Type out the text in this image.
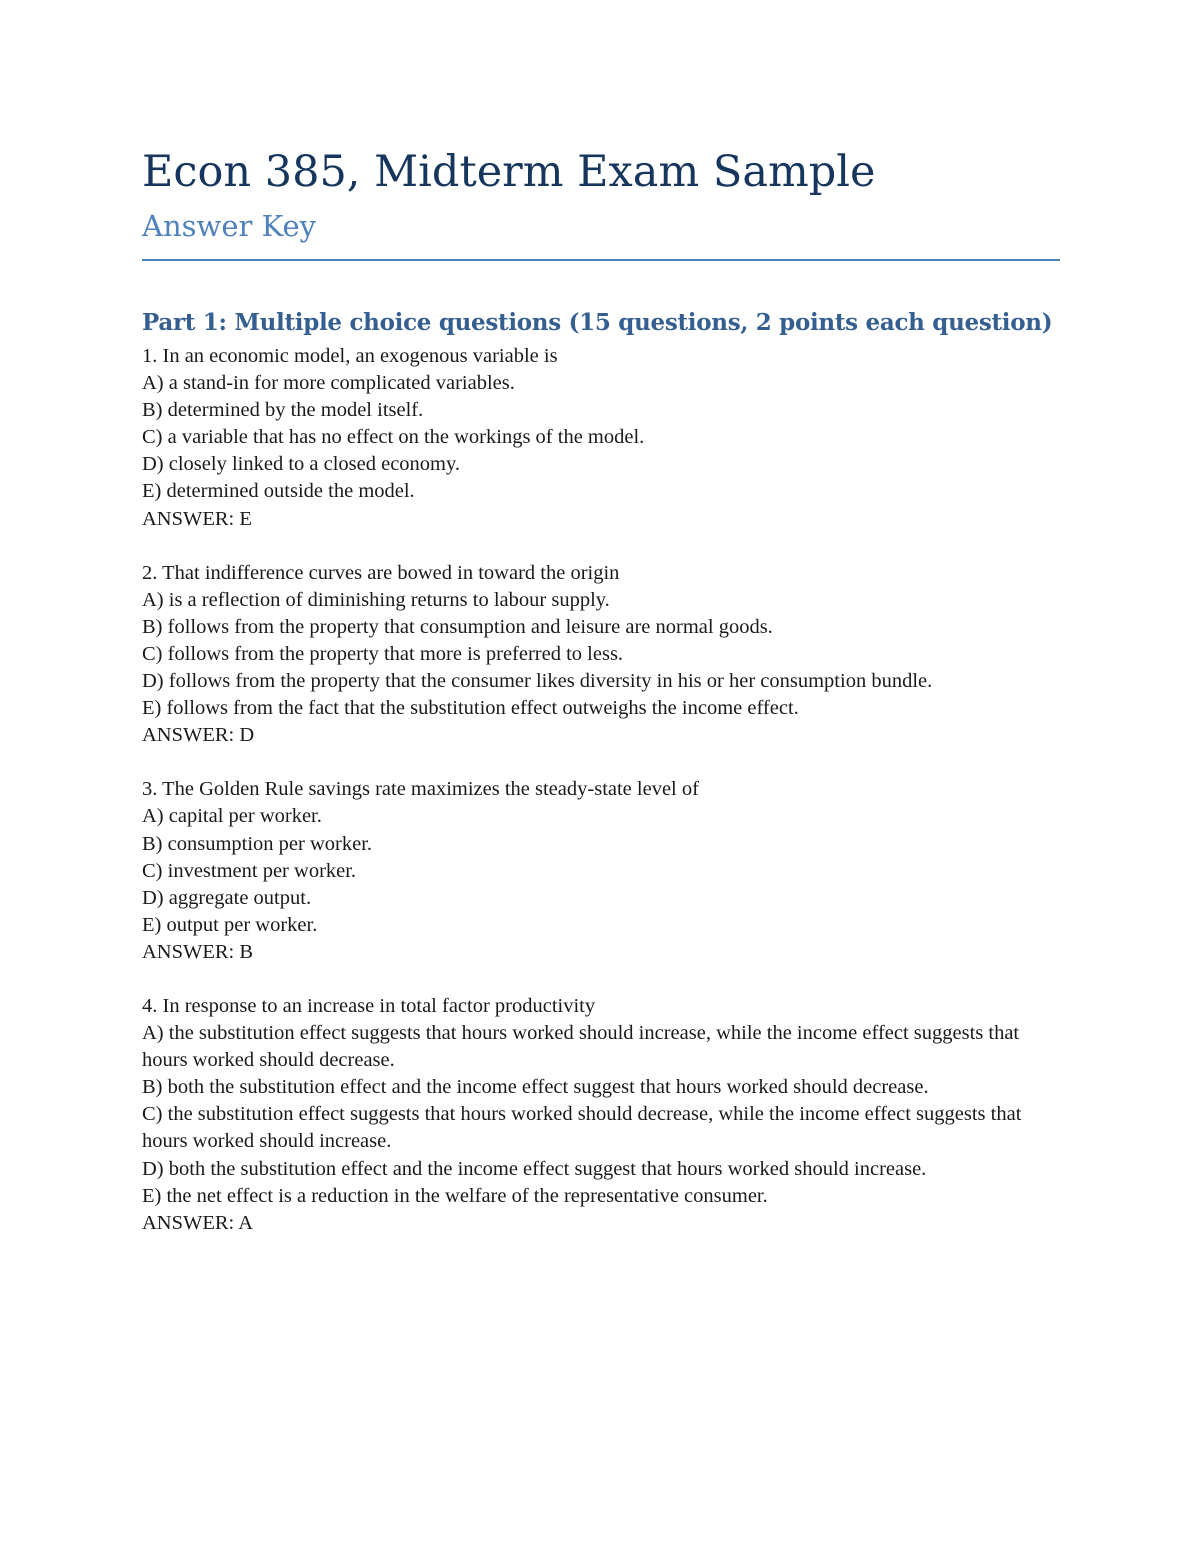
Econ 385, Midterm Exam Sample
Answer Key
Part 1: Multiple choice questions (15 questions, 2 points each question)
1. In an economic model, an exogenous variable is
A) a stand-in for more complicated variables.
B) determined by the model itself.
C) a variable that has no effect on the workings of the model.
D) closely linked to a closed economy.
E) determined outside the model.
ANSWER: E
2. That indifference curves are bowed in toward the origin
A) is a reflection of diminishing returns to labour supply.
B) follows from the property that consumption and leisure are normal goods.
C) follows from the property that more is preferred to less.
D) follows from the property that the consumer likes diversity in his or her consumption bundle.
E) follows from the fact that the substitution effect outweighs the income effect.
ANSWER: D
3. The Golden Rule savings rate maximizes the steady-state level of
A) capital per worker.
B) consumption per worker.
C) investment per worker.
D) aggregate output.
E) output per worker.
ANSWER: B
4. In response to an increase in total factor productivity
A) the substitution effect suggests that hours worked should increase, while the income effect suggests that hours worked should decrease.
B) both the substitution effect and the income effect suggest that hours worked should decrease.
C) the substitution effect suggests that hours worked should decrease, while the income effect suggests that hours worked should increase.
D) both the substitution effect and the income effect suggest that hours worked should increase.
E) the net effect is a reduction in the welfare of the representative consumer.
ANSWER: A
